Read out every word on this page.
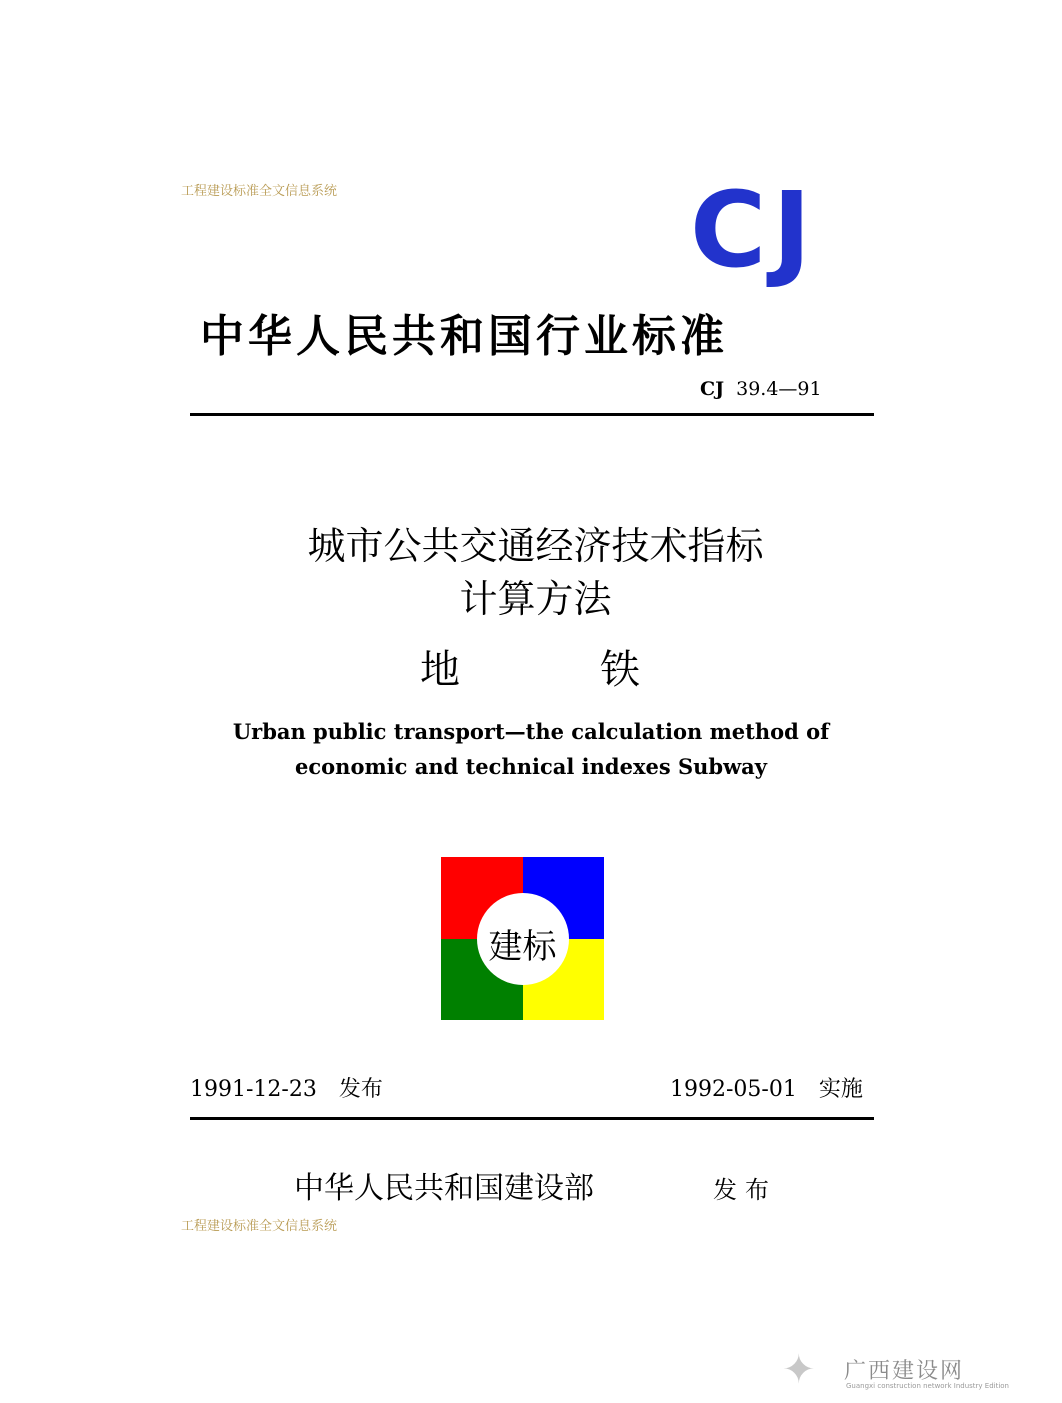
工程建设标准全文信息系统	CJ
中华人民共和国行业标准
CJ 39.4—91
城市公共交通经济技术指标
计算方法
地	铁
Urban public transport—the calculation method of
economic and technical indexes Subway
建标
1991-12-23 发布	1992-05-01 实施
中华人民共和国建设部	发布
工程建设标准全文信息系统
✦ 广西建设网
Guangxi construction network Industry Edition
